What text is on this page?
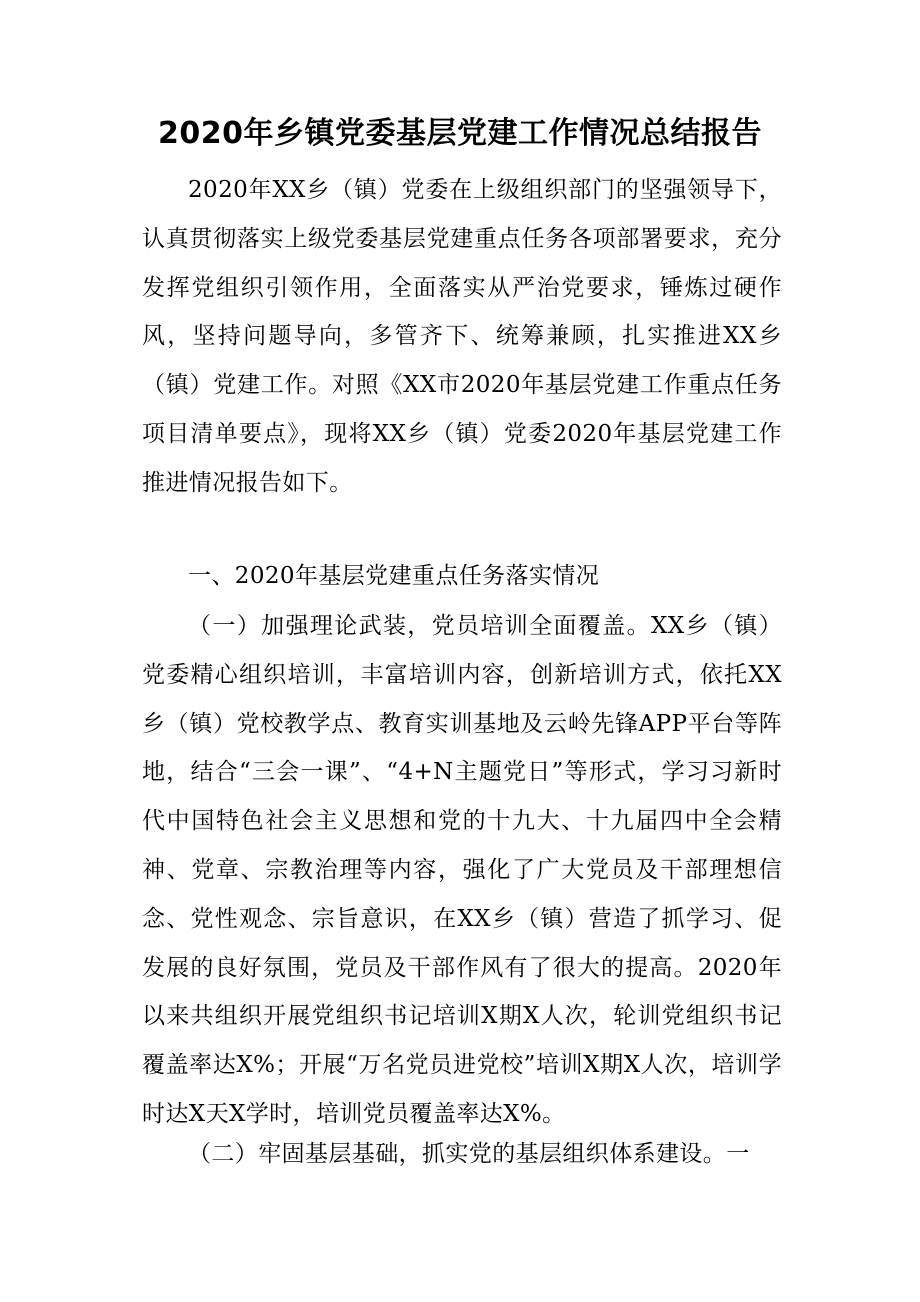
2020年乡镇党委基层党建工作情况总结报告

2020年XX乡（镇）党委在上级组织部门的坚强领导下，认真贯彻落实上级党委基层党建重点任务各项部署要求，充分发挥党组织引领作用，全面落实从严治党要求，锤炼过硬作风，坚持问题导向，多管齐下、统筹兼顾，扎实推进XX乡（镇）党建工作。对照《XX市2020年基层党建工作重点任务项目清单要点》，现将XX乡（镇）党委2020年基层党建工作推进情况报告如下。

一、2020年基层党建重点任务落实情况

（一）加强理论武装，党员培训全面覆盖。XX乡（镇）党委精心组织培训，丰富培训内容，创新培训方式，依托XX乡（镇）党校教学点、教育实训基地及云岭先锋APP平台等阵地，结合“三会一课”、“4+N主题党日”等形式，学习习新时代中国特色社会主义思想和党的十九大、十九届四中全会精神、党章、宗教治理等内容，强化了广大党员及干部理想信念、党性观念、宗旨意识，在XX乡（镇）营造了抓学习、促发展的良好氛围，党员及干部作风有了很大的提高。2020年以来共组织开展党组织书记培训X期X人次，轮训党组织书记覆盖率达X%；开展“万名党员进党校”培训X期X人次，培训学时达X天X学时，培训党员覆盖率达X%。

（二）牢固基层基础，抓实党的基层组织体系建设。一
